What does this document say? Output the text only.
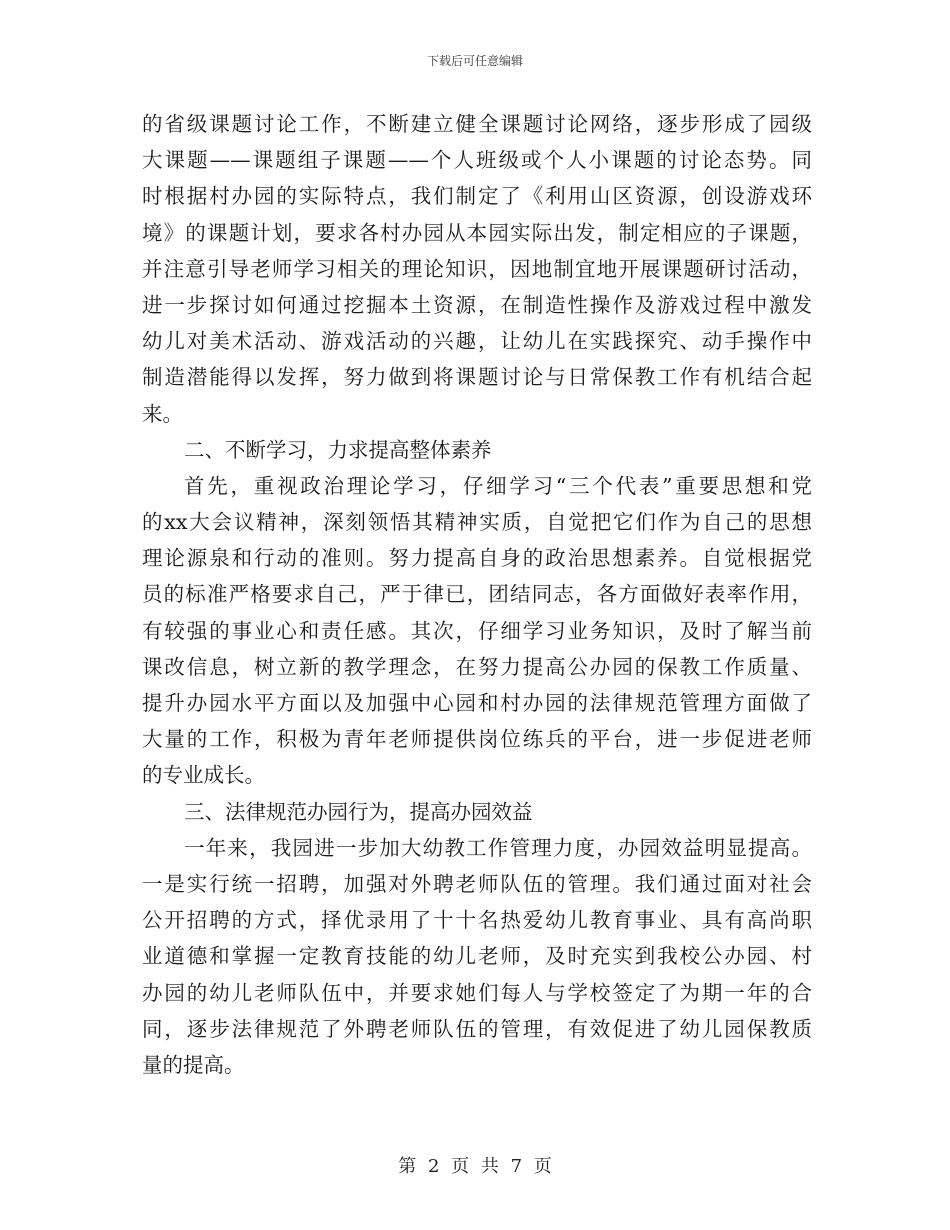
下载后可任意编辑
的省级课题讨论工作，不断建立健全课题讨论网络，逐步形成了园级
大课题——课题组子课题——个人班级或个人小课题的讨论态势。同
时根据村办园的实际特点，我们制定了《利用山区资源，创设游戏环
境》的课题计划，要求各村办园从本园实际出发，制定相应的子课题，
并注意引导老师学习相关的理论知识，因地制宜地开展课题研讨活动，
进一步探讨如何通过挖掘本土资源，在制造性操作及游戏过程中激发
幼儿对美术活动、游戏活动的兴趣，让幼儿在实践探究、动手操作中
制造潜能得以发挥，努力做到将课题讨论与日常保教工作有机结合起
来。
二、不断学习，力求提高整体素养
首先，重视政治理论学习，仔细学习“三个代表”重要思想和党
的xx大会议精神，深刻领悟其精神实质，自觉把它们作为自己的思想
理论源泉和行动的准则。努力提高自身的政治思想素养。自觉根据党
员的标准严格要求自己，严于律已，团结同志，各方面做好表率作用，
有较强的事业心和责任感。其次，仔细学习业务知识，及时了解当前
课改信息，树立新的教学理念，在努力提高公办园的保教工作质量、
提升办园水平方面以及加强中心园和村办园的法律规范管理方面做了
大量的工作，积极为青年老师提供岗位练兵的平台，进一步促进老师
的专业成长。
三、法律规范办园行为，提高办园效益
一年来，我园进一步加大幼教工作管理力度，办园效益明显提高。
一是实行统一招聘，加强对外聘老师队伍的管理。我们通过面对社会
公开招聘的方式，择优录用了十十名热爱幼儿教育事业、具有高尚职
业道德和掌握一定教育技能的幼儿老师，及时充实到我校公办园、村
办园的幼儿老师队伍中，并要求她们每人与学校签定了为期一年的合
同，逐步法律规范了外聘老师队伍的管理，有效促进了幼儿园保教质
量的提高。
第 2 页 共 7 页
